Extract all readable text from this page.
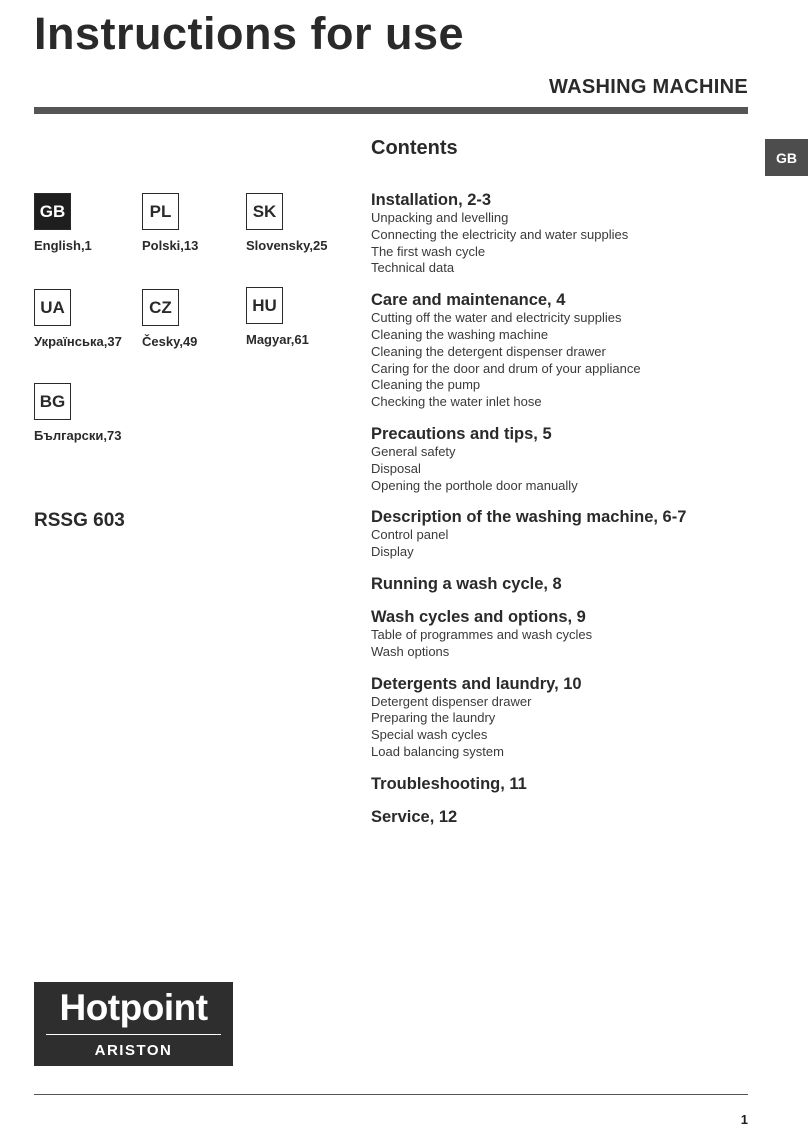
Instructions for use
WASHING MACHINE
GB
GB
English,1
PL
Polski,13
SK
Slovensky,25
UA
Українська,37
CZ
Česky,49
HU
Magyar,61
BG
Български,73
RSSG 603
Contents
Installation, 2-3
Unpacking and levelling
Connecting the electricity and water supplies
The first wash cycle
Technical data
Care and maintenance, 4
Cutting off the water and electricity supplies
Cleaning the washing machine
Cleaning the detergent dispenser drawer
Caring for the door and drum of your appliance
Cleaning the pump
Checking the water inlet hose
Precautions and tips, 5
General safety
Disposal
Opening the porthole door manually
Description of the washing machine, 6-7
Control panel
Display
Running a wash cycle, 8
Wash cycles and options, 9
Table of programmes and wash cycles
Wash options
Detergents and laundry, 10
Detergent dispenser drawer
Preparing the laundry
Special wash cycles
Load balancing system
Troubleshooting, 11
Service, 12
Hotpoint
ARISTON
1
